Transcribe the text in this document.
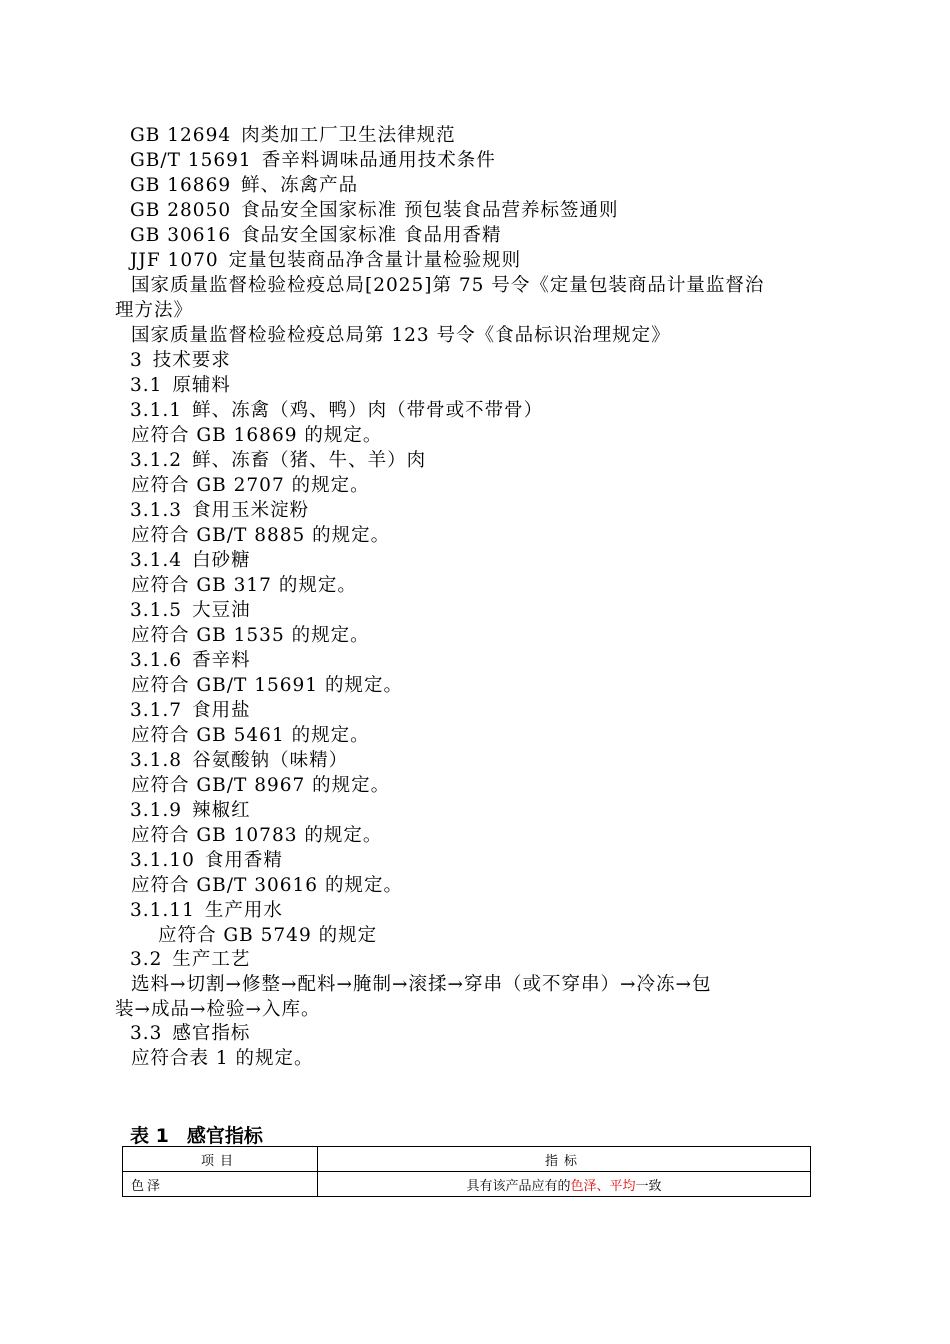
GB 12694 肉类加工厂卫生法律规范
GB/T 15691 香辛料调味品通用技术条件
GB 16869 鲜、冻禽产品
GB 28050 食品安全国家标准 预包装食品营养标签通则
GB 30616 食品安全国家标准 食品用香精
JJF 1070 定量包装商品净含量计量检验规则
国家质量监督检验检疫总局[2025]第 75 号令《定量包装商品计量监督治
理方法》
国家质量监督检验检疫总局第 123 号令《食品标识治理规定》
3 技术要求
3.1 原辅料
3.1.1 鲜、冻禽（鸡、鸭）肉（带骨或不带骨）
应符合 GB 16869 的规定。
3.1.2 鲜、冻畜（猪、牛、羊）肉
应符合 GB 2707 的规定。
3.1.3 食用玉米淀粉
应符合 GB/T 8885 的规定。
3.1.4 白砂糖
应符合 GB 317 的规定。
3.1.5 大豆油
应符合 GB 1535 的规定。
3.1.6 香辛料
应符合 GB/T 15691 的规定。
3.1.7 食用盐
应符合 GB 5461 的规定。
3.1.8 谷氨酸钠（味精）
应符合 GB/T 8967 的规定。
3.1.9 辣椒红
应符合 GB 10783 的规定。
3.1.10 食用香精
应符合 GB/T 30616 的规定。
3.1.11 生产用水
应符合 GB 5749 的规定
3.2 生产工艺
选料→切割→修整→配料→腌制→滚揉→穿串（或不穿串）→冷冻→包
装→成品→检验→入库。
3.3 感官指标
应符合表 1 的规定。
表 1 感官指标
项目	指标
色泽	具有该产品应有的色泽、平均一致
